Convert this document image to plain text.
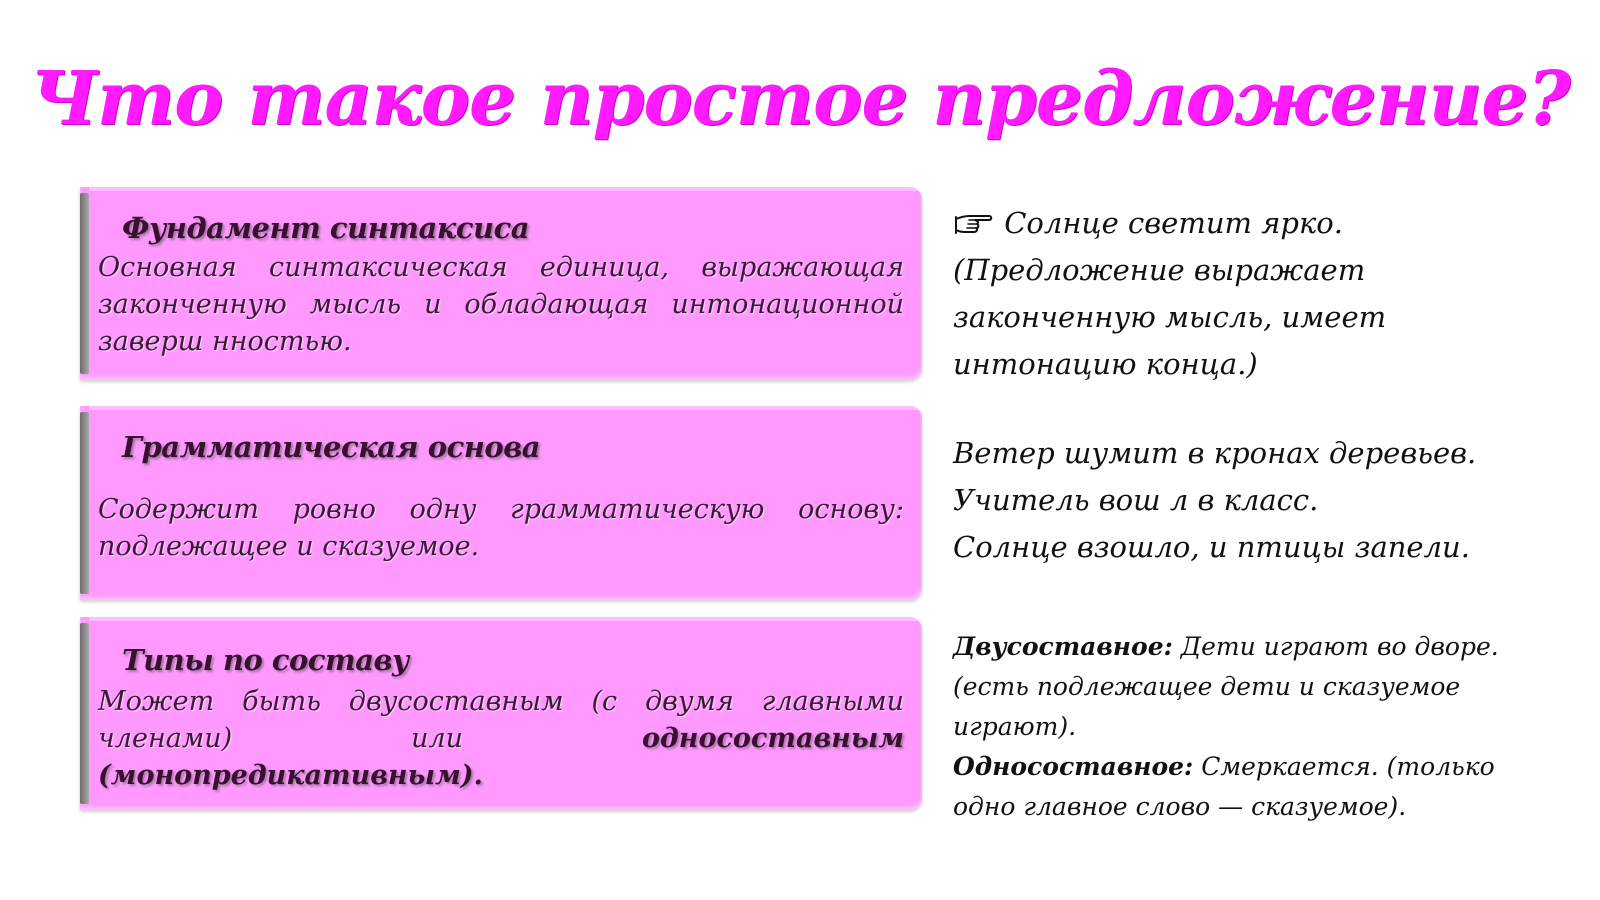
Что такое простое предложение?
Фундамент синтаксиса
Основная синтаксическая единица, выражающая законченную мысль и обладающая интонационной заверш нностью.
Грамматическая основа
Содержит ровно одну грамматическую основу: подлежащее и сказуемое.
Типы по составу
Может быть двусоставным (с двумя главными членами) или односоставным (монопредикативным).

Солнце светит ярко.

(Предложение выражает законченную мысль, имеет интонацию конца.)

Ветер шумит в кронах деревьев.

Учитель вош л в класс.

Солнце взошло, и птицы запели.

Двусоставное: Дети играют во дворе. (есть подлежащее дети и сказуемое играют).

Односоставное: Смеркается. (только одно главное слово — сказуемое).
